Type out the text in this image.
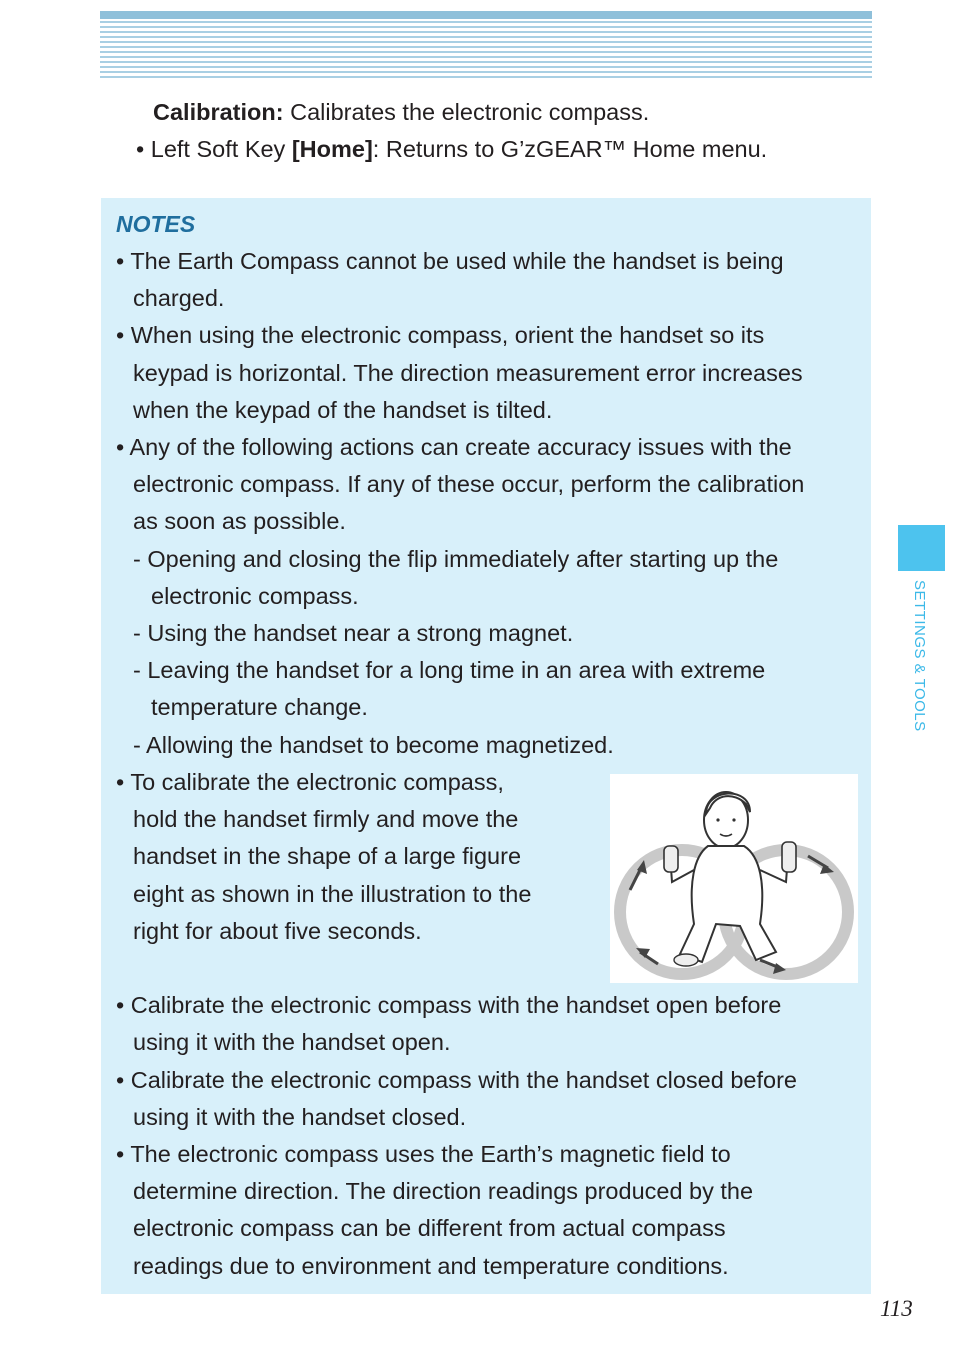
Calibration: Calibrates the electronic compass.
• Left Soft Key [Home]: Returns to G’zGEAR™ Home menu.
NOTES
• The Earth Compass cannot be used while the handset is being
charged.
• When using the electronic compass, orient the handset so its
keypad is horizontal. The direction measurement error increases
when the keypad of the handset is tilted.
• Any of the following actions can create accuracy issues with the
electronic compass. If any of these occur, perform the calibration
as soon as possible.
- Opening and closing the flip immediately after starting up the
electronic compass.
- Using the handset near a strong magnet.
- Leaving the handset for a long time in an area with extreme
temperature change.
- Allowing the handset to become magnetized.
• To calibrate the electronic compass,
hold the handset firmly and move the
handset in the shape of a large figure
eight as shown in the illustration to the
right for about five seconds.
• Calibrate the electronic compass with the handset open before
using it with the handset open.
• Calibrate the electronic compass with the handset closed before
using it with the handset closed.
• The electronic compass uses the Earth’s magnetic field to
determine direction. The direction readings produced by the
electronic compass can be different from actual compass
readings due to environment and temperature conditions.
SETTINGS & TOOLS
113
